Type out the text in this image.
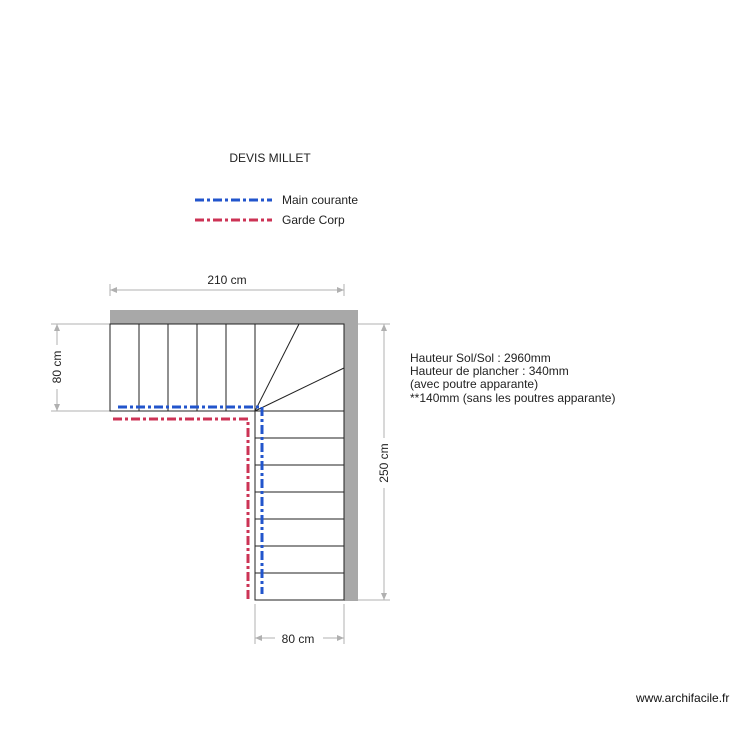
DEVIS MILLET
Main courante
Garde Corp
210 cm
80 cm
250 cm
80 cm
Hauteur Sol/Sol : 2960mm
Hauteur de plancher : 340mm
(avec poutre apparante)
**140mm (sans les poutres apparante)
www.archifacile.fr
